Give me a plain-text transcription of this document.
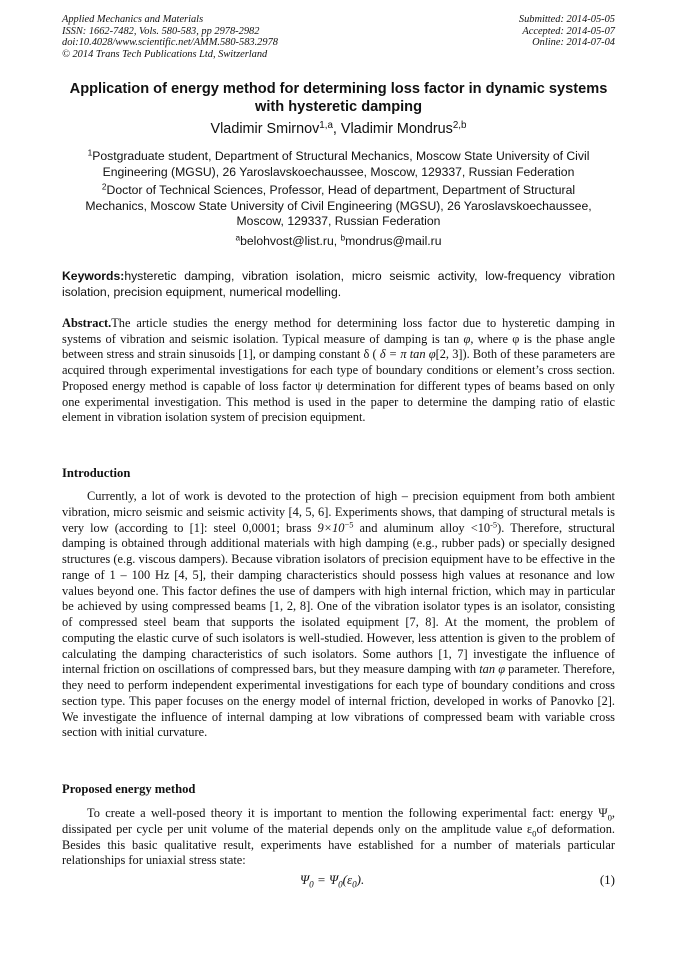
Applied Mechanics and Materials
ISSN: 1662-7482, Vols. 580-583, pp 2978-2982
doi:10.4028/www.scientific.net/AMM.580-583.2978
© 2014 Trans Tech Publications Ltd, Switzerland
Submitted: 2014-05-05
Accepted: 2014-05-07
Online: 2014-07-04
Application of energy method for determining loss factor in dynamic systems with hysteretic damping
Vladimir Smirnov$^{1,a}$, Vladimir Mondrus$^{2,b}$
$^1$Postgraduate student, Department of Structural Mechanics, Moscow State University of Civil Engineering (MGSU), 26 Yaroslavskoechaussee, Moscow, 129337, Russian Federation
$^2$Doctor of Technical Sciences, Professor, Head of department, Department of Structural Mechanics, Moscow State University of Civil Engineering (MGSU), 26 Yaroslavskoechaussee, Moscow, 129337, Russian Federation
$^a$belohvost@list.ru, $^b$mondrus@mail.ru
Keywords:hysteretic damping, vibration isolation, micro seismic activity, low-frequency vibration isolation, precision equipment, numerical modelling.
Abstract.The article studies the energy method for determining loss factor due to hysteretic damping in systems of vibration and seismic isolation. Typical measure of damping is tan φ, where φ is the phase angle between stress and strain sinusoids [1], or damping constant δ ( δ = π tan φ[2, 3]). Both of these parameters are acquired through experimental investigations for each type of boundary conditions or element’s cross section. Proposed energy method is capable of loss factor ψ determination for different types of beams based on only one experimental investigation. This method is used in the paper to determine the damping ratio of elastic element in vibration isolation system of precision equipment.
Introduction
Currently, a lot of work is devoted to the protection of high – precision equipment from both ambient vibration, micro seismic and seismic activity [4, 5, 6]. Experiments shows, that damping of structural metals is very low (according to [1]: steel 0,0001; brass $9\times 10^{-5}$ and aluminum alloy $<10^{-5}$). Therefore, structural damping is obtained through additional materials with high damping (e.g., rubber pads) or specially designed structures (e.g. viscous dampers). Because vibration isolators of precision equipment have to be effective in the range of 1 – 100 Hz [4, 5], their damping characteristics should possess high values at resonance and low values beyond one. This factor defines the use of dampers with high internal friction, which may in particular be achieved by using compressed beams [1, 2, 8]. One of the vibration isolator types is an isolator, consisting of compressed steel beam that supports the isolated equipment [7, 8]. At the moment, the problem of computing the elastic curve of such isolators is well-studied. However, less attention is given to the problem of calculating the damping characteristics of such isolators. Some authors [1, 7] investigate the influence of internal friction on oscillations of compressed bars, but they measure damping with tan φ parameter. Therefore, they need to perform independent experimental investigations for each type of boundary conditions and cross section type. This paper focuses on the energy model of internal friction, developed in works of Panovko [2]. We investigate the influence of internal damping at low vibrations of compressed beam with variable cross section with initial curvature.
Proposed energy method
To create a well-posed theory it is important to mention the following experimental fact: energy $\Psi_0$, dissipated per cycle per unit volume of the material depends only on the amplitude value $\varepsilon_0of$ deformation. Besides this basic qualitative result, experiments have established for a number of materials particular relationships for uniaxial stress state:
$\Psi_0 = \Psi_0(\varepsilon_0)$.	(1)
